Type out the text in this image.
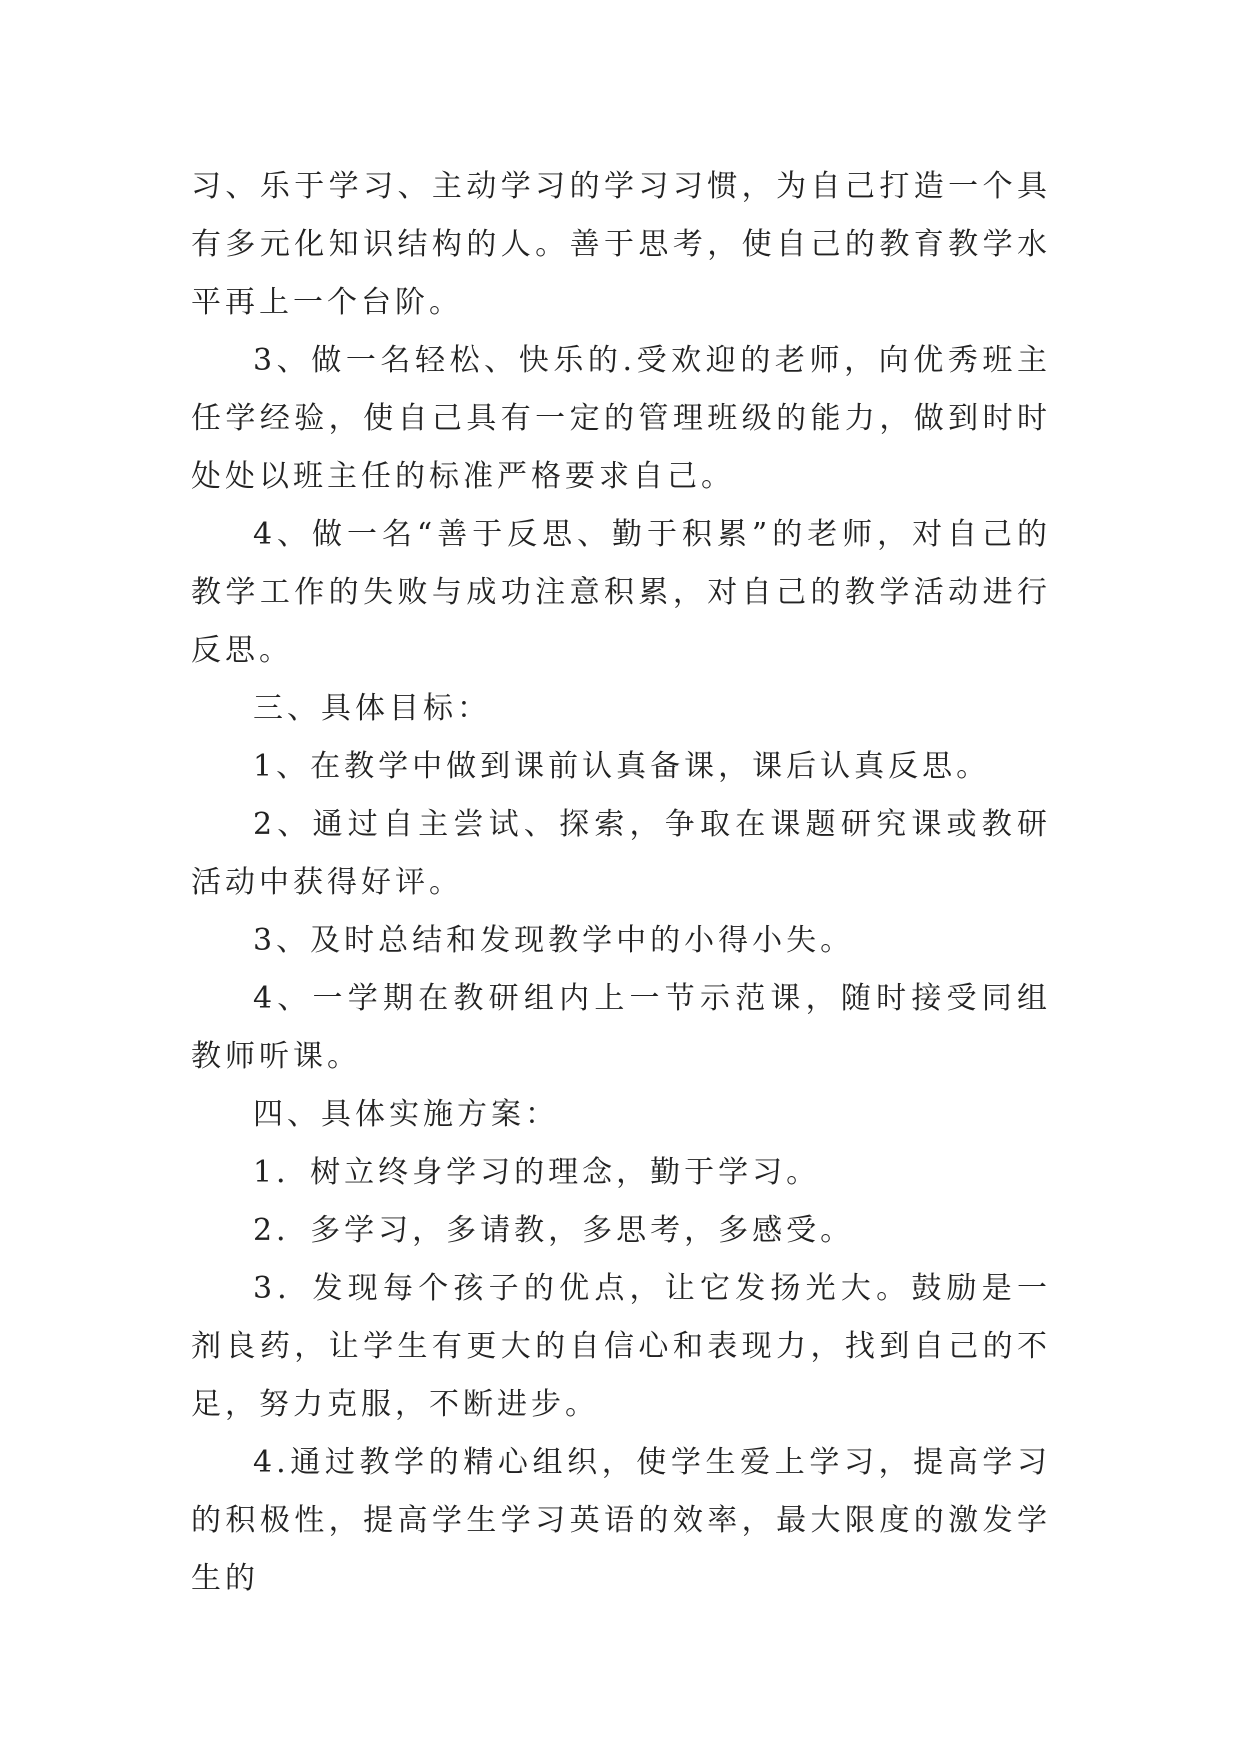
习、乐于学习、主动学习的学习习惯，为自己打造一个具有多元化知识结构的人。善于思考，使自己的教育教学水平再上一个台阶。

3、做一名轻松、快乐的.受欢迎的老师，向优秀班主任学经验，使自己具有一定的管理班级的能力，做到时时处处以班主任的标准严格要求自己。

4、做一名“善于反思、勤于积累”的老师，对自己的教学工作的失败与成功注意积累，对自己的教学活动进行反思。

三、具体目标：

1、在教学中做到课前认真备课，课后认真反思。

2、通过自主尝试、探索，争取在课题研究课或教研活动中获得好评。

3、及时总结和发现教学中的小得小失。

4、一学期在教研组内上一节示范课，随时接受同组教师听课。

四、具体实施方案：

1．树立终身学习的理念，勤于学习。

2．多学习，多请教，多思考，多感受。

3．发现每个孩子的优点，让它发扬光大。鼓励是一剂良药，让学生有更大的自信心和表现力，找到自己的不足，努力克服，不断进步。

4.通过教学的精心组织，使学生爱上学习，提高学习的积极性，提高学生学习英语的效率，最大限度的激发学生的
